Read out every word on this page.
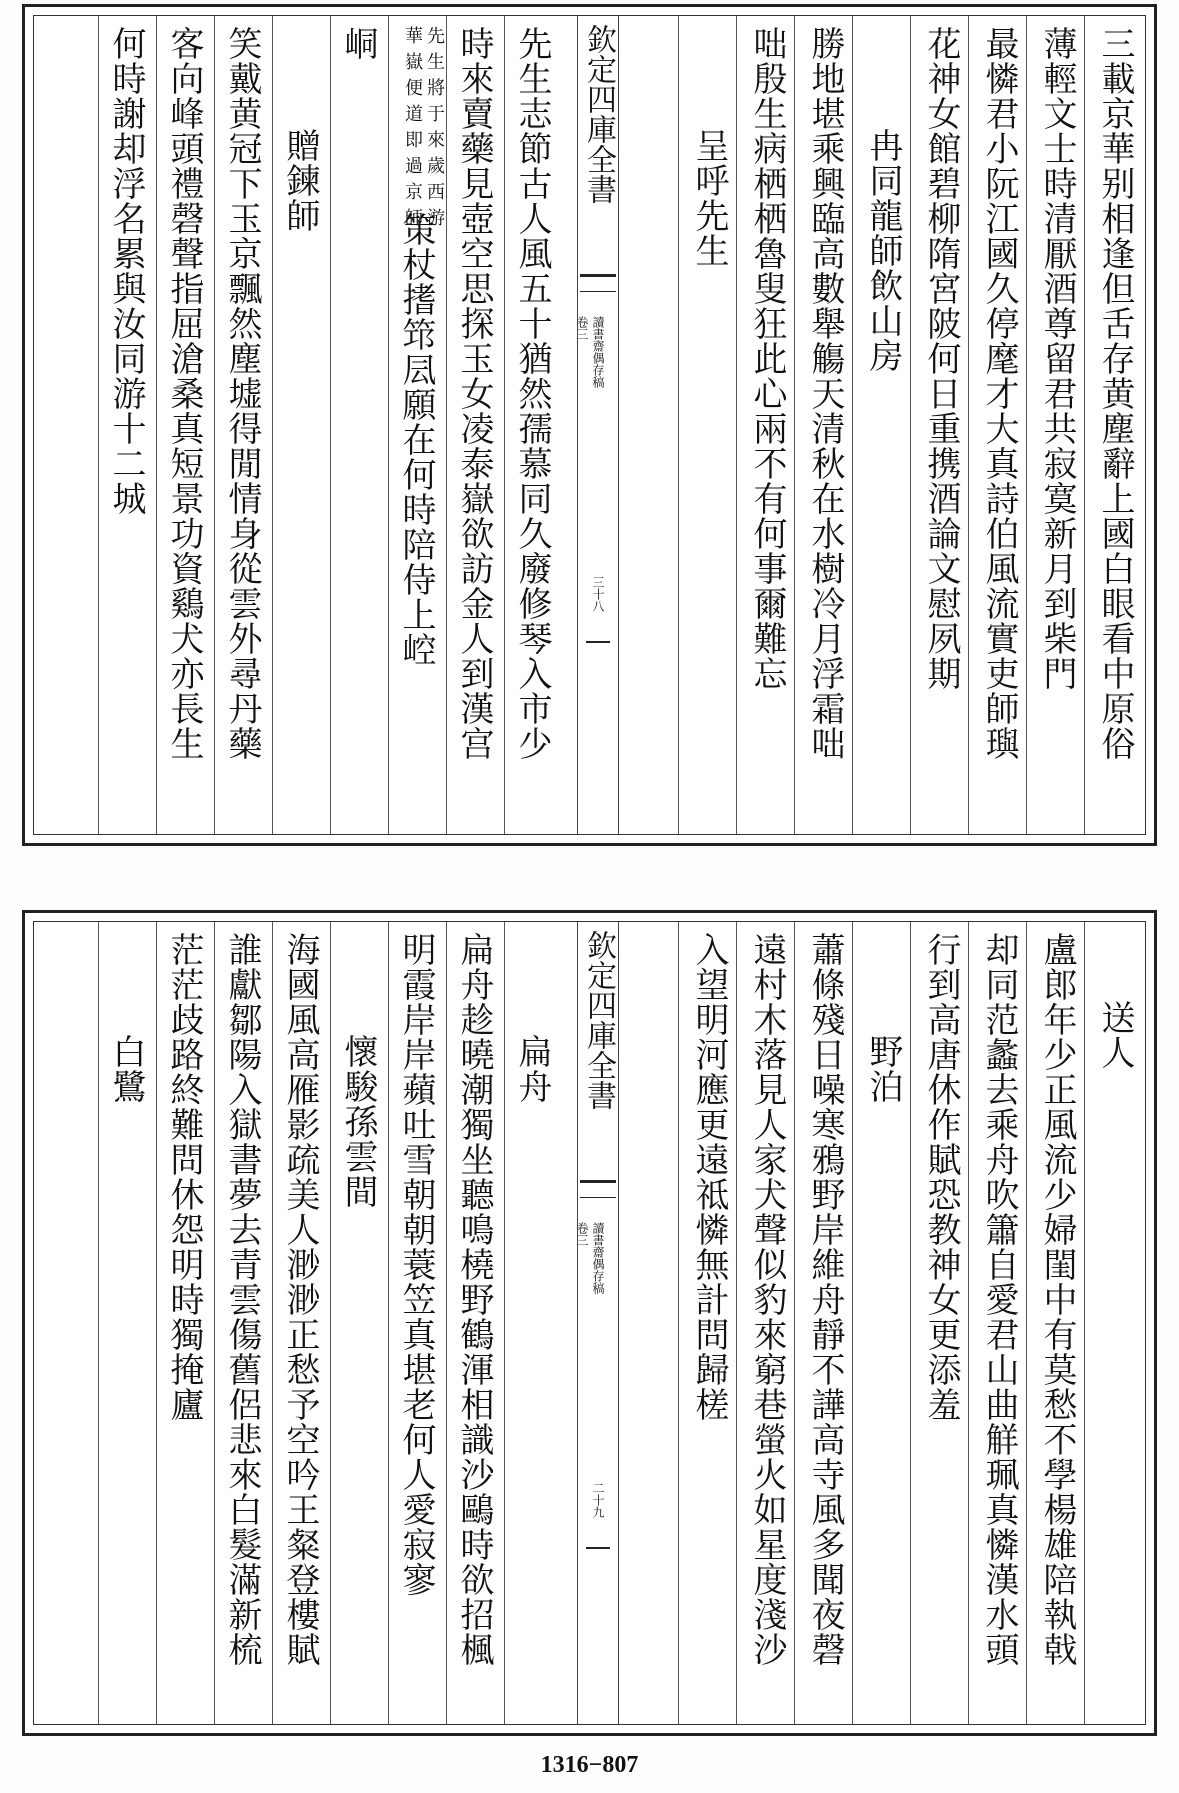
三載京華别相逢但舌存黄塵辭上國白眼看中原俗
薄輕文士時清厭酒尊留君共寂寞新月到柴門
最憐君小阮江國久停麾才大真詩伯風流實吏師璵
花神女館碧柳隋宮陂何日重携酒論文慰夙期
冉同龍師飲山房
勝地堪乘興臨高數舉觴天清秋在水樹冷月浮霜咄
咄殷生病栖栖魯叟狂此心兩不有何事爾難忘
呈呼先生
欽定四庫全書
讀書齋偶存稿
卷三
三十八
先生志節古人風五十猶然孺慕同久廢修琴入市少
時來賣藥見壺空思探玉女凌泰嶽欲訪金人到漢宫
先生將于來歲西游
華嶽便道即過京師
策杖搘筇凨願在何時陪侍上崆
峒
贈鍊師
笑戴黄冠下玉京飄然塵墟得閒情身從雲外尋丹藥
客向峰頭禮磬聲指屈滄桑真短景功資鷄犬亦長生
何時謝却浮名累與汝同游十二城
送人
盧郎年少正風流少婦閨中有莫愁不學楊雄陪執戟
却同范蠡去乘舟吹簫自愛君山曲觧珮真憐漢水頭
行到高唐休作賦恐教神女更添羞
野泊
蕭條殘日噪寒鴉野岸維舟靜不譁高寺風多聞夜磬
遠村木落見人家犬聲似豹來窮巷螢火如星度淺沙
入望明河應更遠祗憐無計問歸槎
欽定四庫全書
讀書齋偶存稿
卷三
二十九
扁舟
扁舟趁曉潮獨坐聽鳴橈野鶴渾相識沙鷗時欲招楓
明霞岸岸蘋吐雪朝朝蓑笠真堪老何人愛寂寥
懷駿孫雲間
海國風高雁影疏美人渺渺正愁予空吟王粲登樓賦
誰獻鄒陽入獄書夢去青雲傷舊侶悲來白髮滿新梳
茫茫歧路終難問休怨明時獨掩廬
白鷺
1316−807
